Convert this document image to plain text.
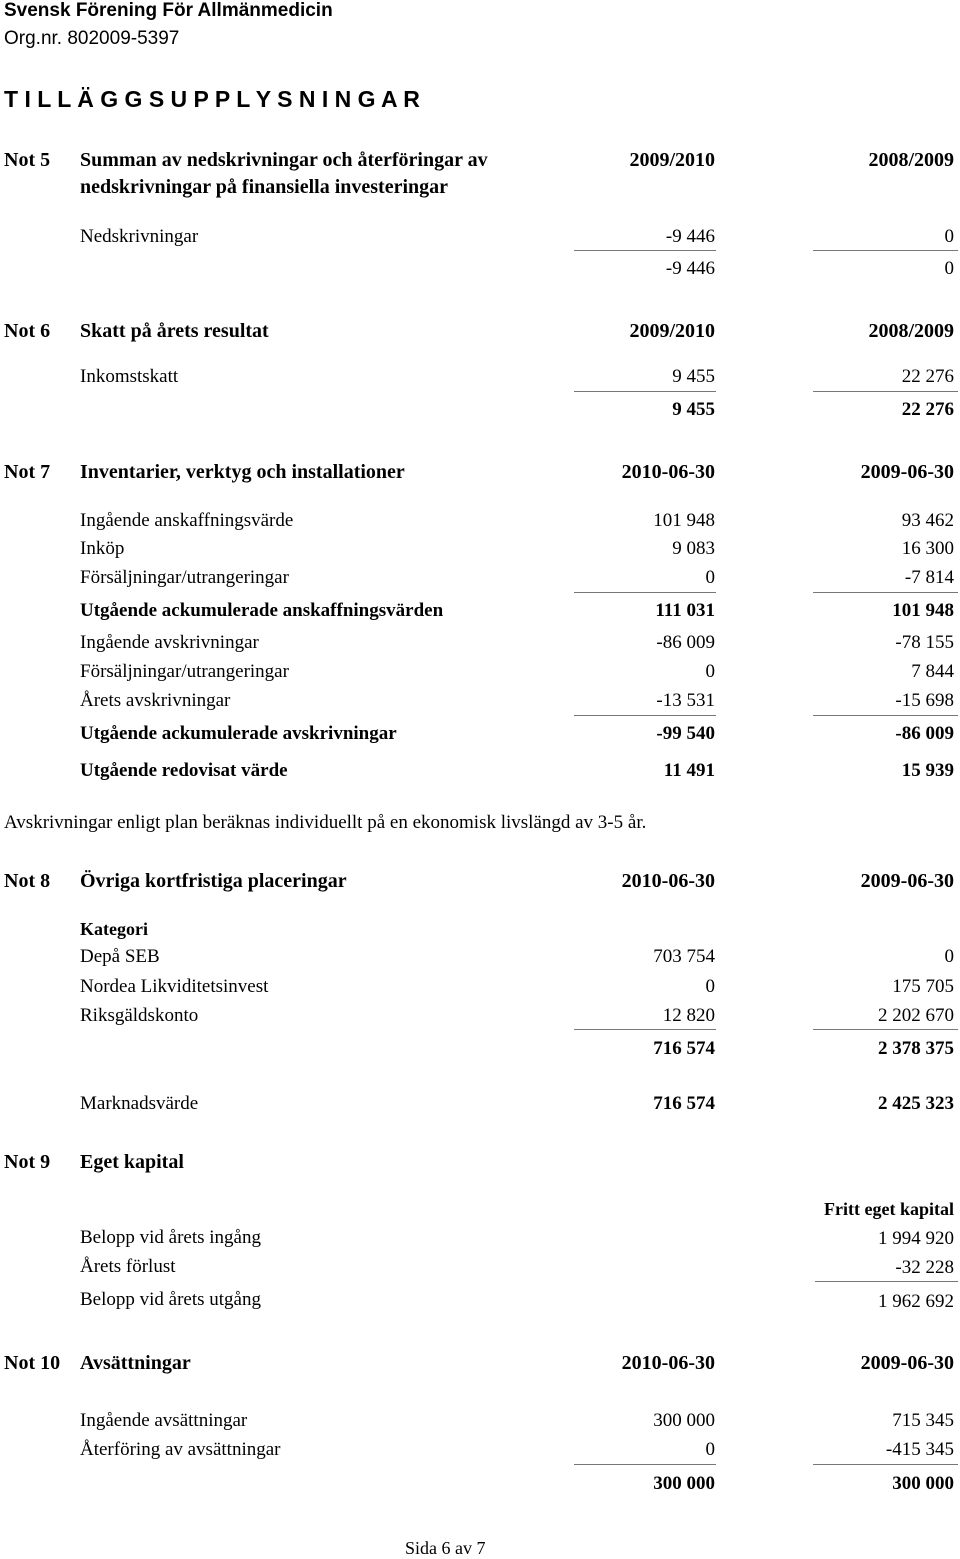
Svensk Förening För Allmänmedicin
Org.nr. 802009-5397
T I L L Ä G G S U P P L Y S N I N G A R
Not 5 Summan av nedskrivningar och återföringar av
nedskrivningar på finansiella investeringar
2009/2010	2008/2009
Nedskrivningar	-9 446	0
-9 446	0
Not 6 Skatt på årets resultat	2009/2010	2008/2009
Inkomstskatt	9 455	22 276
9 455	22 276
Not 7 Inventarier, verktyg och installationer	2010-06-30	2009-06-30
Ingående anskaffningsvärde	101 948	93 462
Inköp	9 083	16 300
Försäljningar/utrangeringar	0	-7 814
Utgående ackumulerade anskaffningsvärden	111 031	101 948
Ingående avskrivningar	-86 009	-78 155
Försäljningar/utrangeringar	0	7 844
Årets avskrivningar	-13 531	-15 698
Utgående ackumulerade avskrivningar	-99 540	-86 009
Utgående redovisat värde	11 491	15 939
Avskrivningar enligt plan beräknas individuellt på en ekonomisk livslängd av 3-5 år.
Not 8 Övriga kortfristiga placeringar	2010-06-30	2009-06-30
Kategori
Depå SEB	703 754	0
Nordea Likviditetsinvest	0	175 705
Riksgäldskonto	12 820	2 202 670
716 574	2 378 375
Marknadsvärde	716 574	2 425 323
Not 9 Eget kapital
Fritt eget kapital
Belopp vid årets ingång	1 994 920
Årets förlust	-32 228
Belopp vid årets utgång	1 962 692
Not 10 Avsättningar	2010-06-30	2009-06-30
Ingående avsättningar	300 000	715 345
Återföring av avsättningar	0	-415 345
300 000	300 000
Sida 6 av 7
